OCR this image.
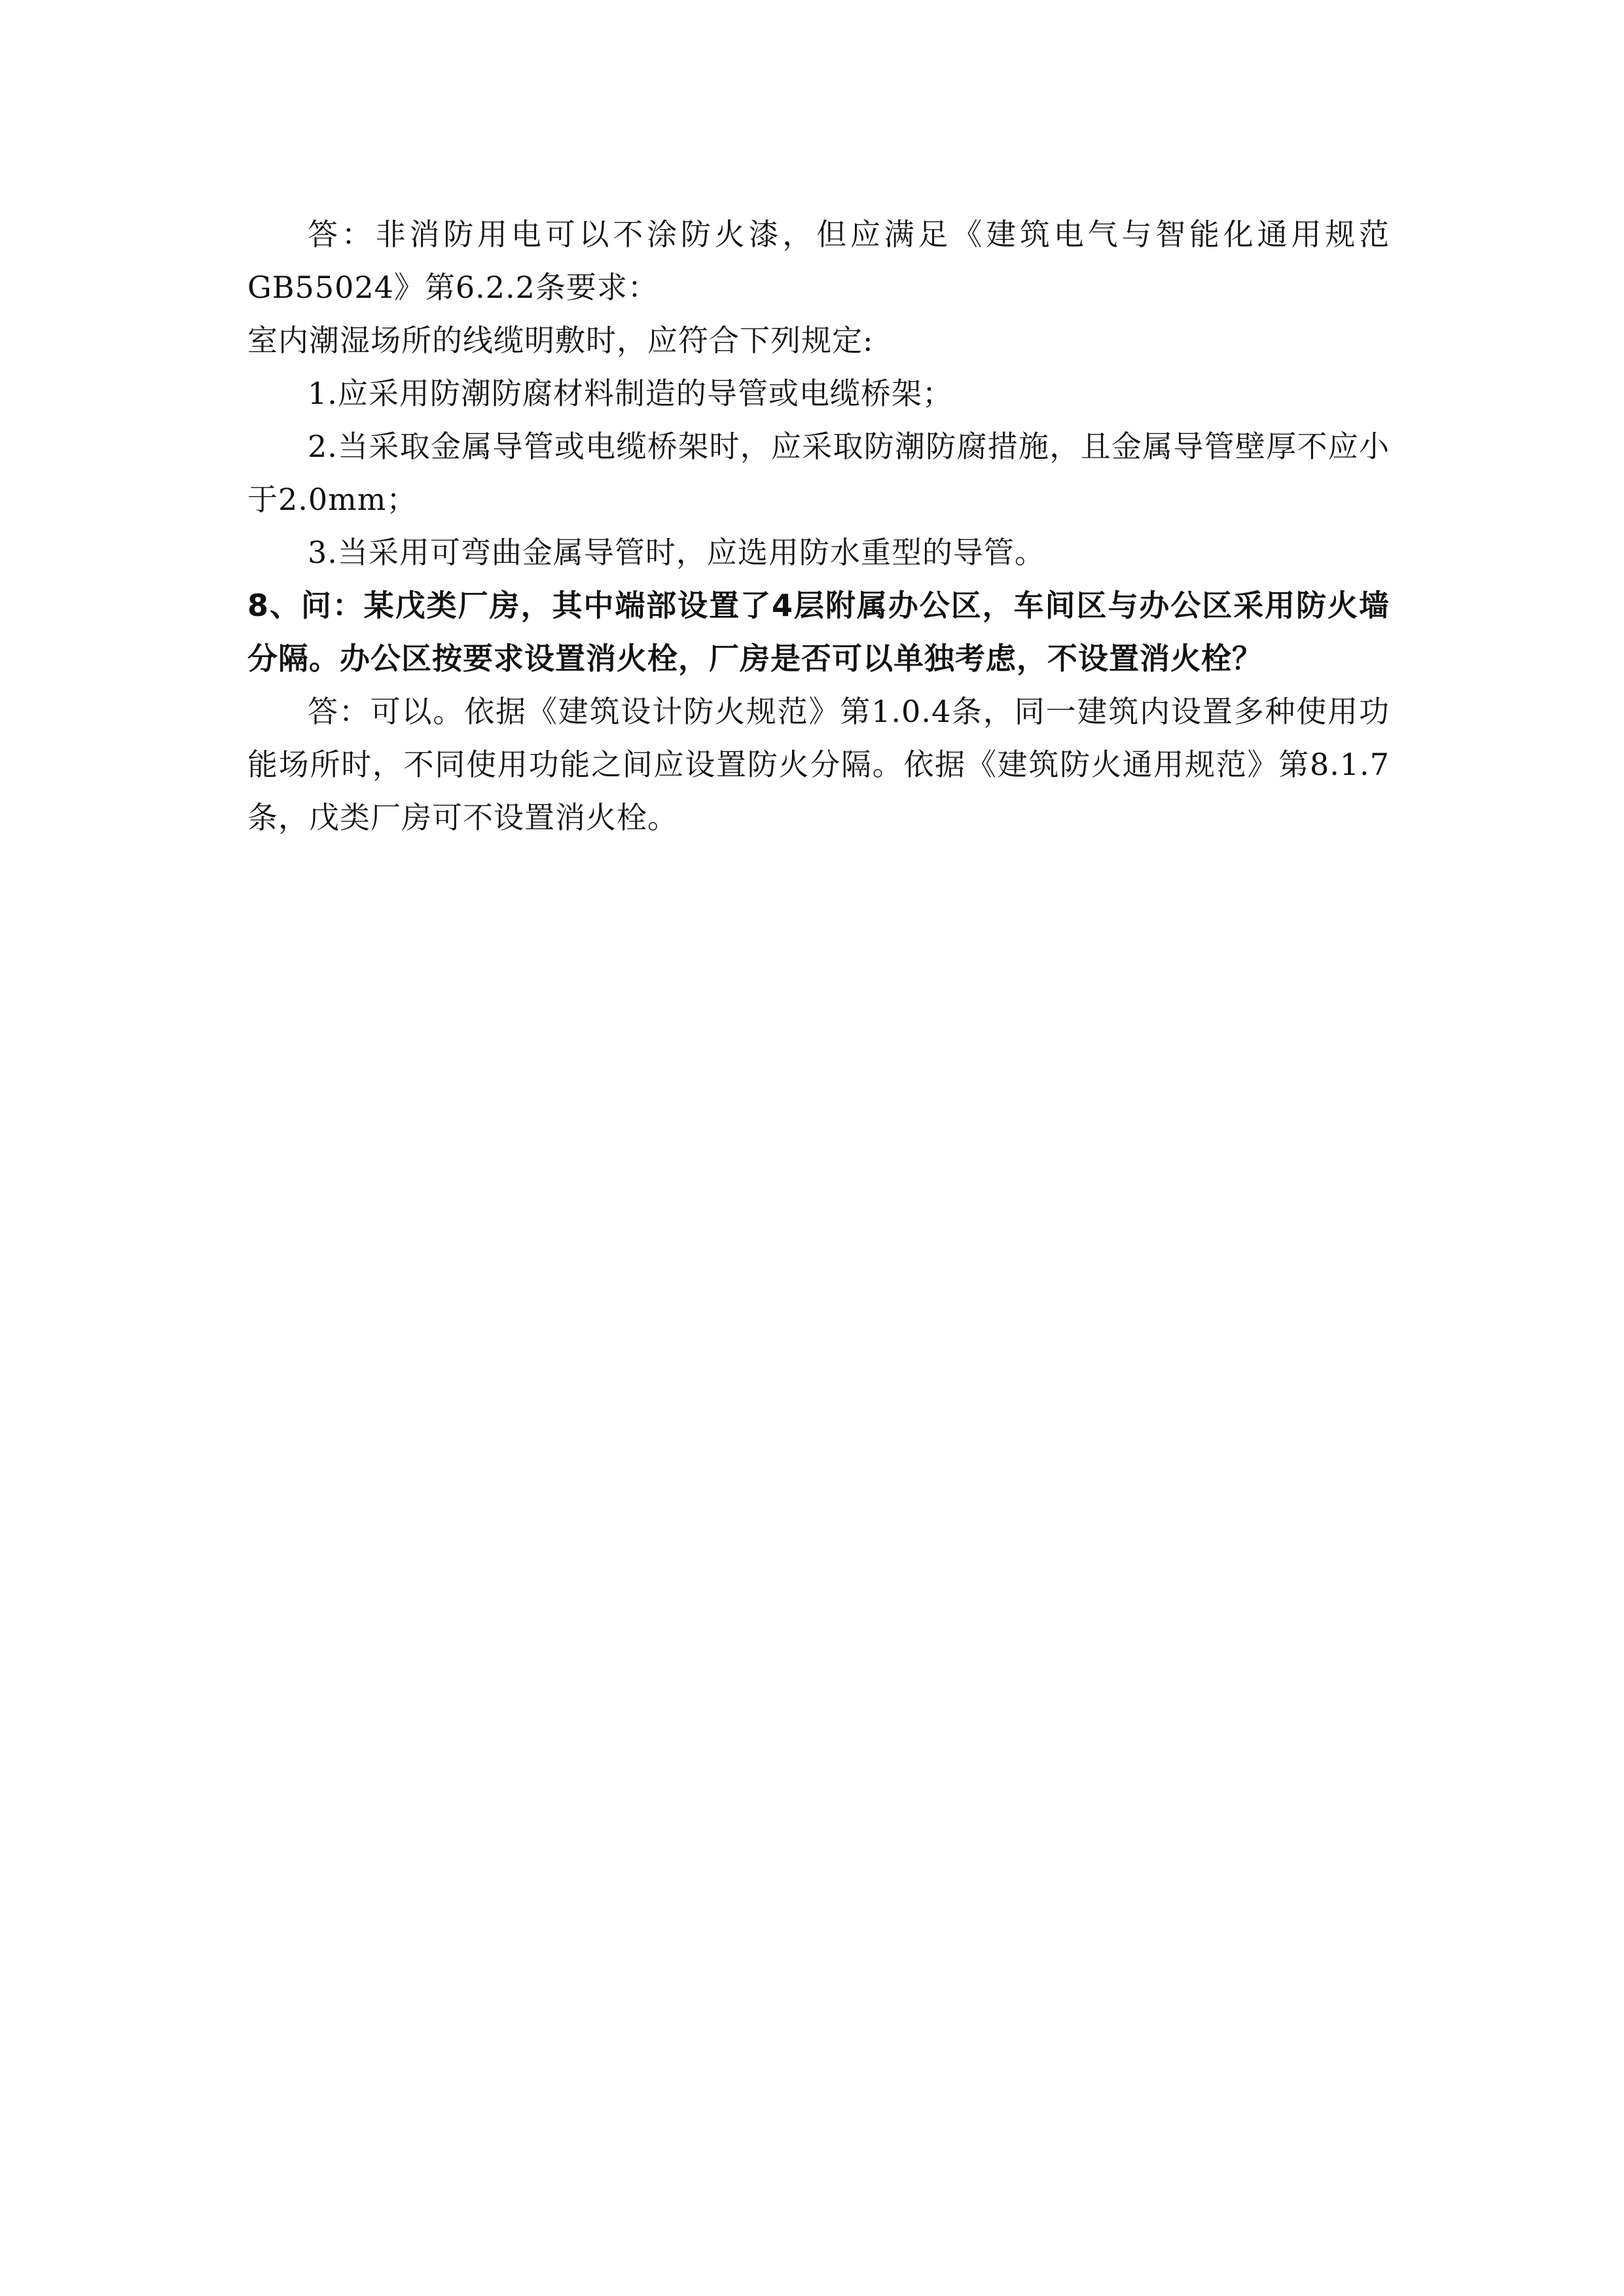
答：非消防用电可以不涂防火漆，但应满足《建筑电气与智能化通用规范GB55024》第6.2.2条要求：

室内潮湿场所的线缆明敷时，应符合下列规定:

1.应采用防潮防腐材料制造的导管或电缆桥架；

2.当采取金属导管或电缆桥架时，应采取防潮防腐措施，且金属导管壁厚不应小于2.0mm；

3.当采用可弯曲金属导管时，应选用防水重型的导管。

8、问：某戊类厂房，其中端部设置了4层附属办公区，车间区与办公区采用防火墙分隔。办公区按要求设置消火栓，厂房是否可以单独考虑，不设置消火栓？

答：可以。依据《建筑设计防火规范》第1.0.4条，同一建筑内设置多种使用功能场所时，不同使用功能之间应设置防火分隔。依据《建筑防火通用规范》第8.1.7条，戊类厂房可不设置消火栓。
